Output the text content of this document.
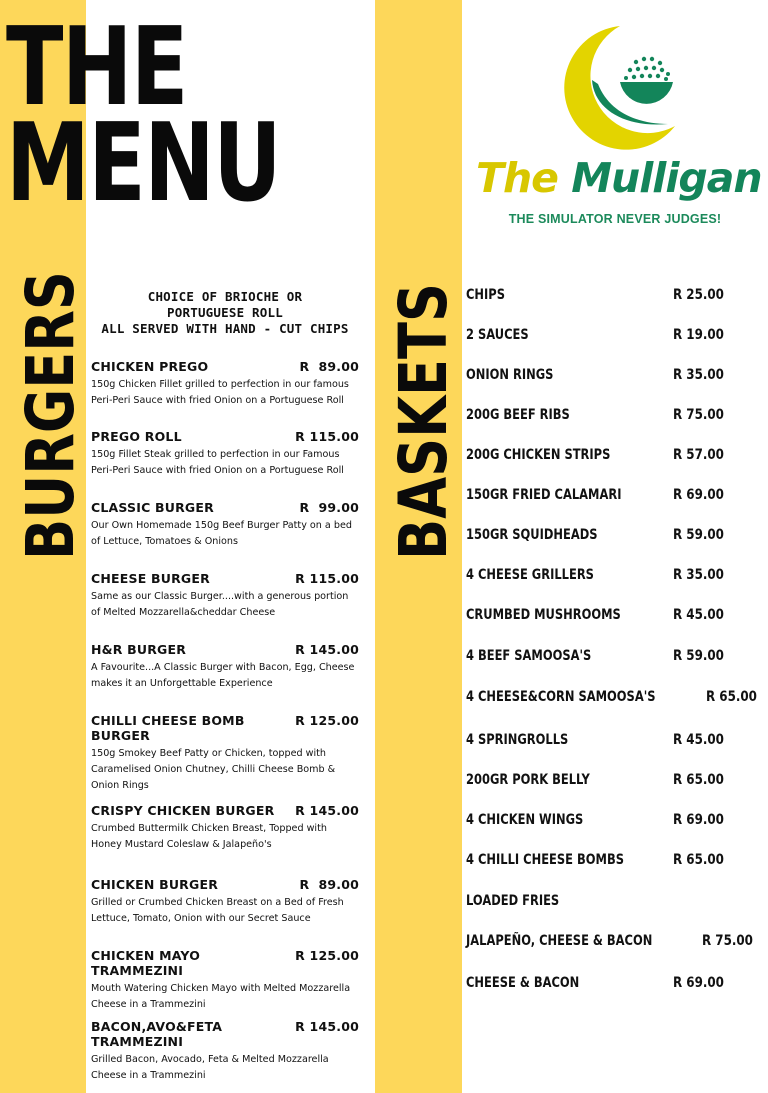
THE
MENU
BURGERS	BASKETS
The Mulligan
THE SIMULATOR NEVER JUDGES!
CHOICE OF BRIOCHE OR
PORTUGUESE ROLL
ALL SERVED WITH HAND - CUT CHIPS
CHICKEN PREGO	R  89.00
150g Chicken Fillet grilled to perfection in our famous
Peri-Peri Sauce with fried Onion on a Portuguese Roll
PREGO ROLL	R 115.00
150g Fillet Steak grilled to perfection in our Famous
Peri-Peri Sauce with fried Onion on a Portuguese Roll
CLASSIC BURGER	R  99.00
Our Own Homemade 150g Beef Burger Patty on a bed
of Lettuce, Tomatoes & Onions
CHEESE BURGER	R 115.00
Same as our Classic Burger....with a generous portion
of Melted Mozzarella&cheddar Cheese
H&R BURGER	R 145.00
A Favourite...A Classic Burger with Bacon, Egg, Cheese
makes it an Unforgettable Experience
CHILLI CHEESE BOMB BURGER
R 125.00
150g Smokey Beef Patty or Chicken, topped with
Caramelised Onion Chutney, Chilli Cheese Bomb &
Onion Rings
CRISPY CHICKEN BURGER R 145.00
Crumbed Buttermilk Chicken Breast, Topped with
Honey Mustard Coleslaw & Jalapeño's
CHICKEN BURGER	R  89.00
Grilled or Crumbed Chicken Breast on a Bed of Fresh
Lettuce, Tomato, Onion with our Secret Sauce
CHICKEN MAYO TRAMMEZINI
R 125.00
Mouth Watering Chicken Mayo with Melted Mozzarella
Cheese in a Trammezini
BACON,AVO&FETA TRAMMEZINI
R 145.00
Grilled Bacon, Avocado, Feta & Melted Mozzarella
Cheese in a Trammezini
CHIPS	R 25.00
2 SAUCES	R 19.00
ONION RINGS	R 35.00
200G BEEF RIBS	R 75.00
200G CHICKEN STRIPS	R 57.00
150GR FRIED CALAMARI	R 69.00
150GR SQUIDHEADS	R 59.00
4 CHEESE GRILLERS	R 35.00
CRUMBED MUSHROOMS	R 45.00
4 BEEF SAMOOSA'S	R 59.00
4 CHEESE&CORN SAMOOSA'S	R 65.00
4 SPRINGROLLS	R 45.00
200GR PORK BELLY	R 65.00
4 CHICKEN WINGS	R 69.00
4 CHILLI CHEESE BOMBS	R 65.00
LOADED FRIES
JALAPEÑO, CHEESE & BACON	R 75.00
CHEESE & BACON	R 69.00
